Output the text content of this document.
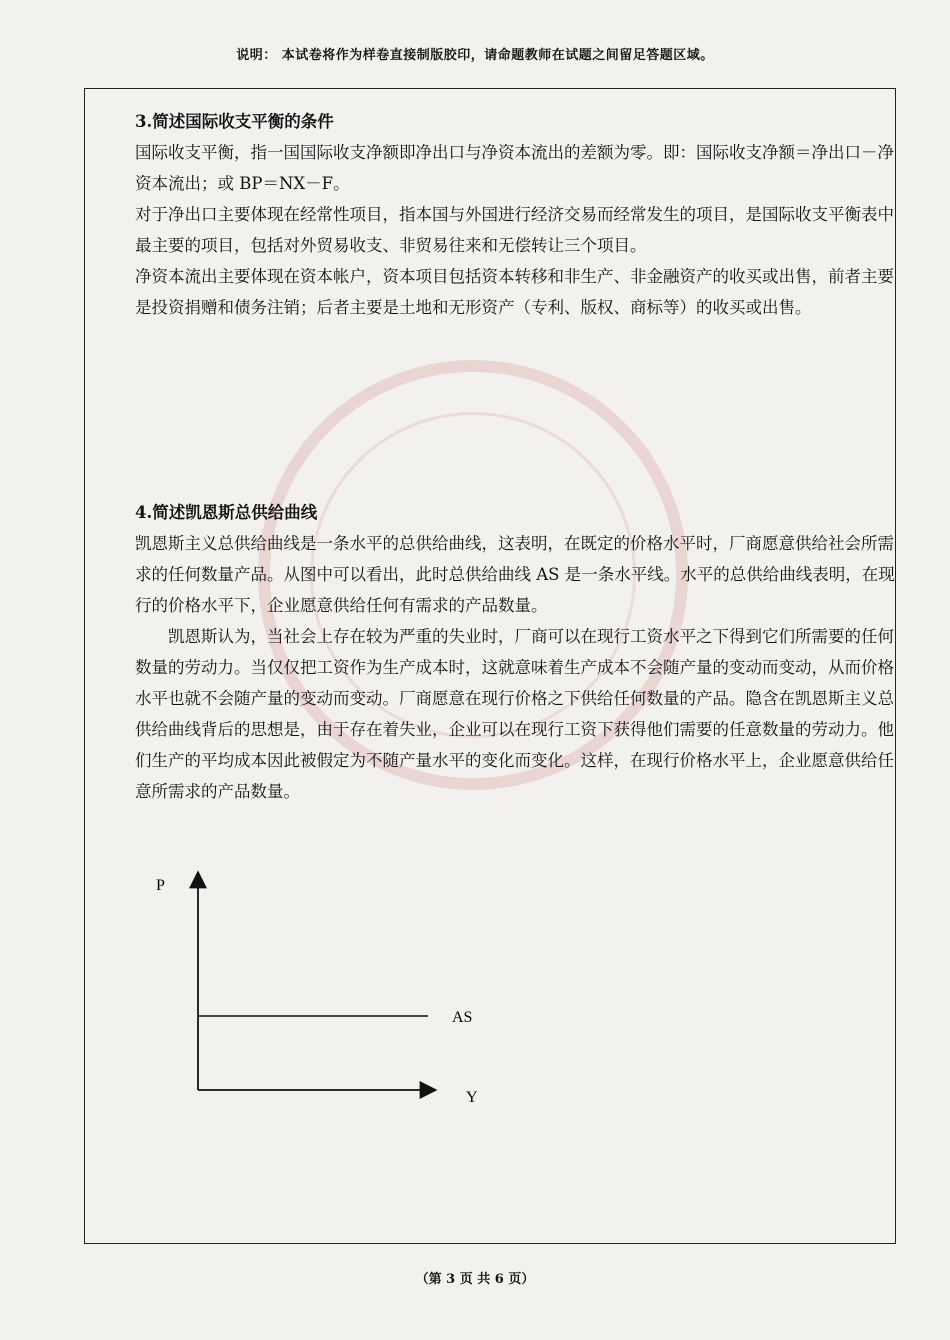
说明： 本试卷将作为样卷直接制版胶印，请命题教师在试题之间留足答题区域。

3.简述国际收支平衡的条件

国际收支平衡，指一国国际收支净额即净出口与净资本流出的差额为零。即：国际收支净额＝净出口－净资本流出；或 BP＝NX－F。

对于净出口主要体现在经常性项目，指本国与外国进行经济交易而经常发生的项目，是国际收支平衡表中最主要的项目，包括对外贸易收支、非贸易往来和无偿转让三个项目。

净资本流出主要体现在资本帐户，资本项目包括资本转移和非生产、非金融资产的收买或出售，前者主要是投资捐赠和债务注销；后者主要是土地和无形资产（专利、版权、商标等）的收买或出售。

4.简述凯恩斯总供给曲线

凯恩斯主义总供给曲线是一条水平的总供给曲线，这表明，在既定的价格水平时，厂商愿意供给社会所需求的任何数量产品。从图中可以看出，此时总供给曲线 AS 是一条水平线。水平的总供给曲线表明，在现行的价格水平下，企业愿意供给任何有需求的产品数量。

凯恩斯认为，当社会上存在较为严重的失业时，厂商可以在现行工资水平之下得到它们所需要的任何数量的劳动力。当仅仅把工资作为生产成本时，这就意味着生产成本不会随产量的变动而变动，从而价格水平也就不会随产量的变动而变动。厂商愿意在现行价格之下供给任何数量的产品。隐含在凯恩斯主义总供给曲线背后的思想是，由于存在着失业，企业可以在现行工资下获得他们需要的任意数量的劳动力。他们生产的平均成本因此被假定为不随产量水平的变化而变化。这样，在现行价格水平上，企业愿意供给任意所需求的产品数量。

P
Y
AS
（第 3 页 共 6 页）
